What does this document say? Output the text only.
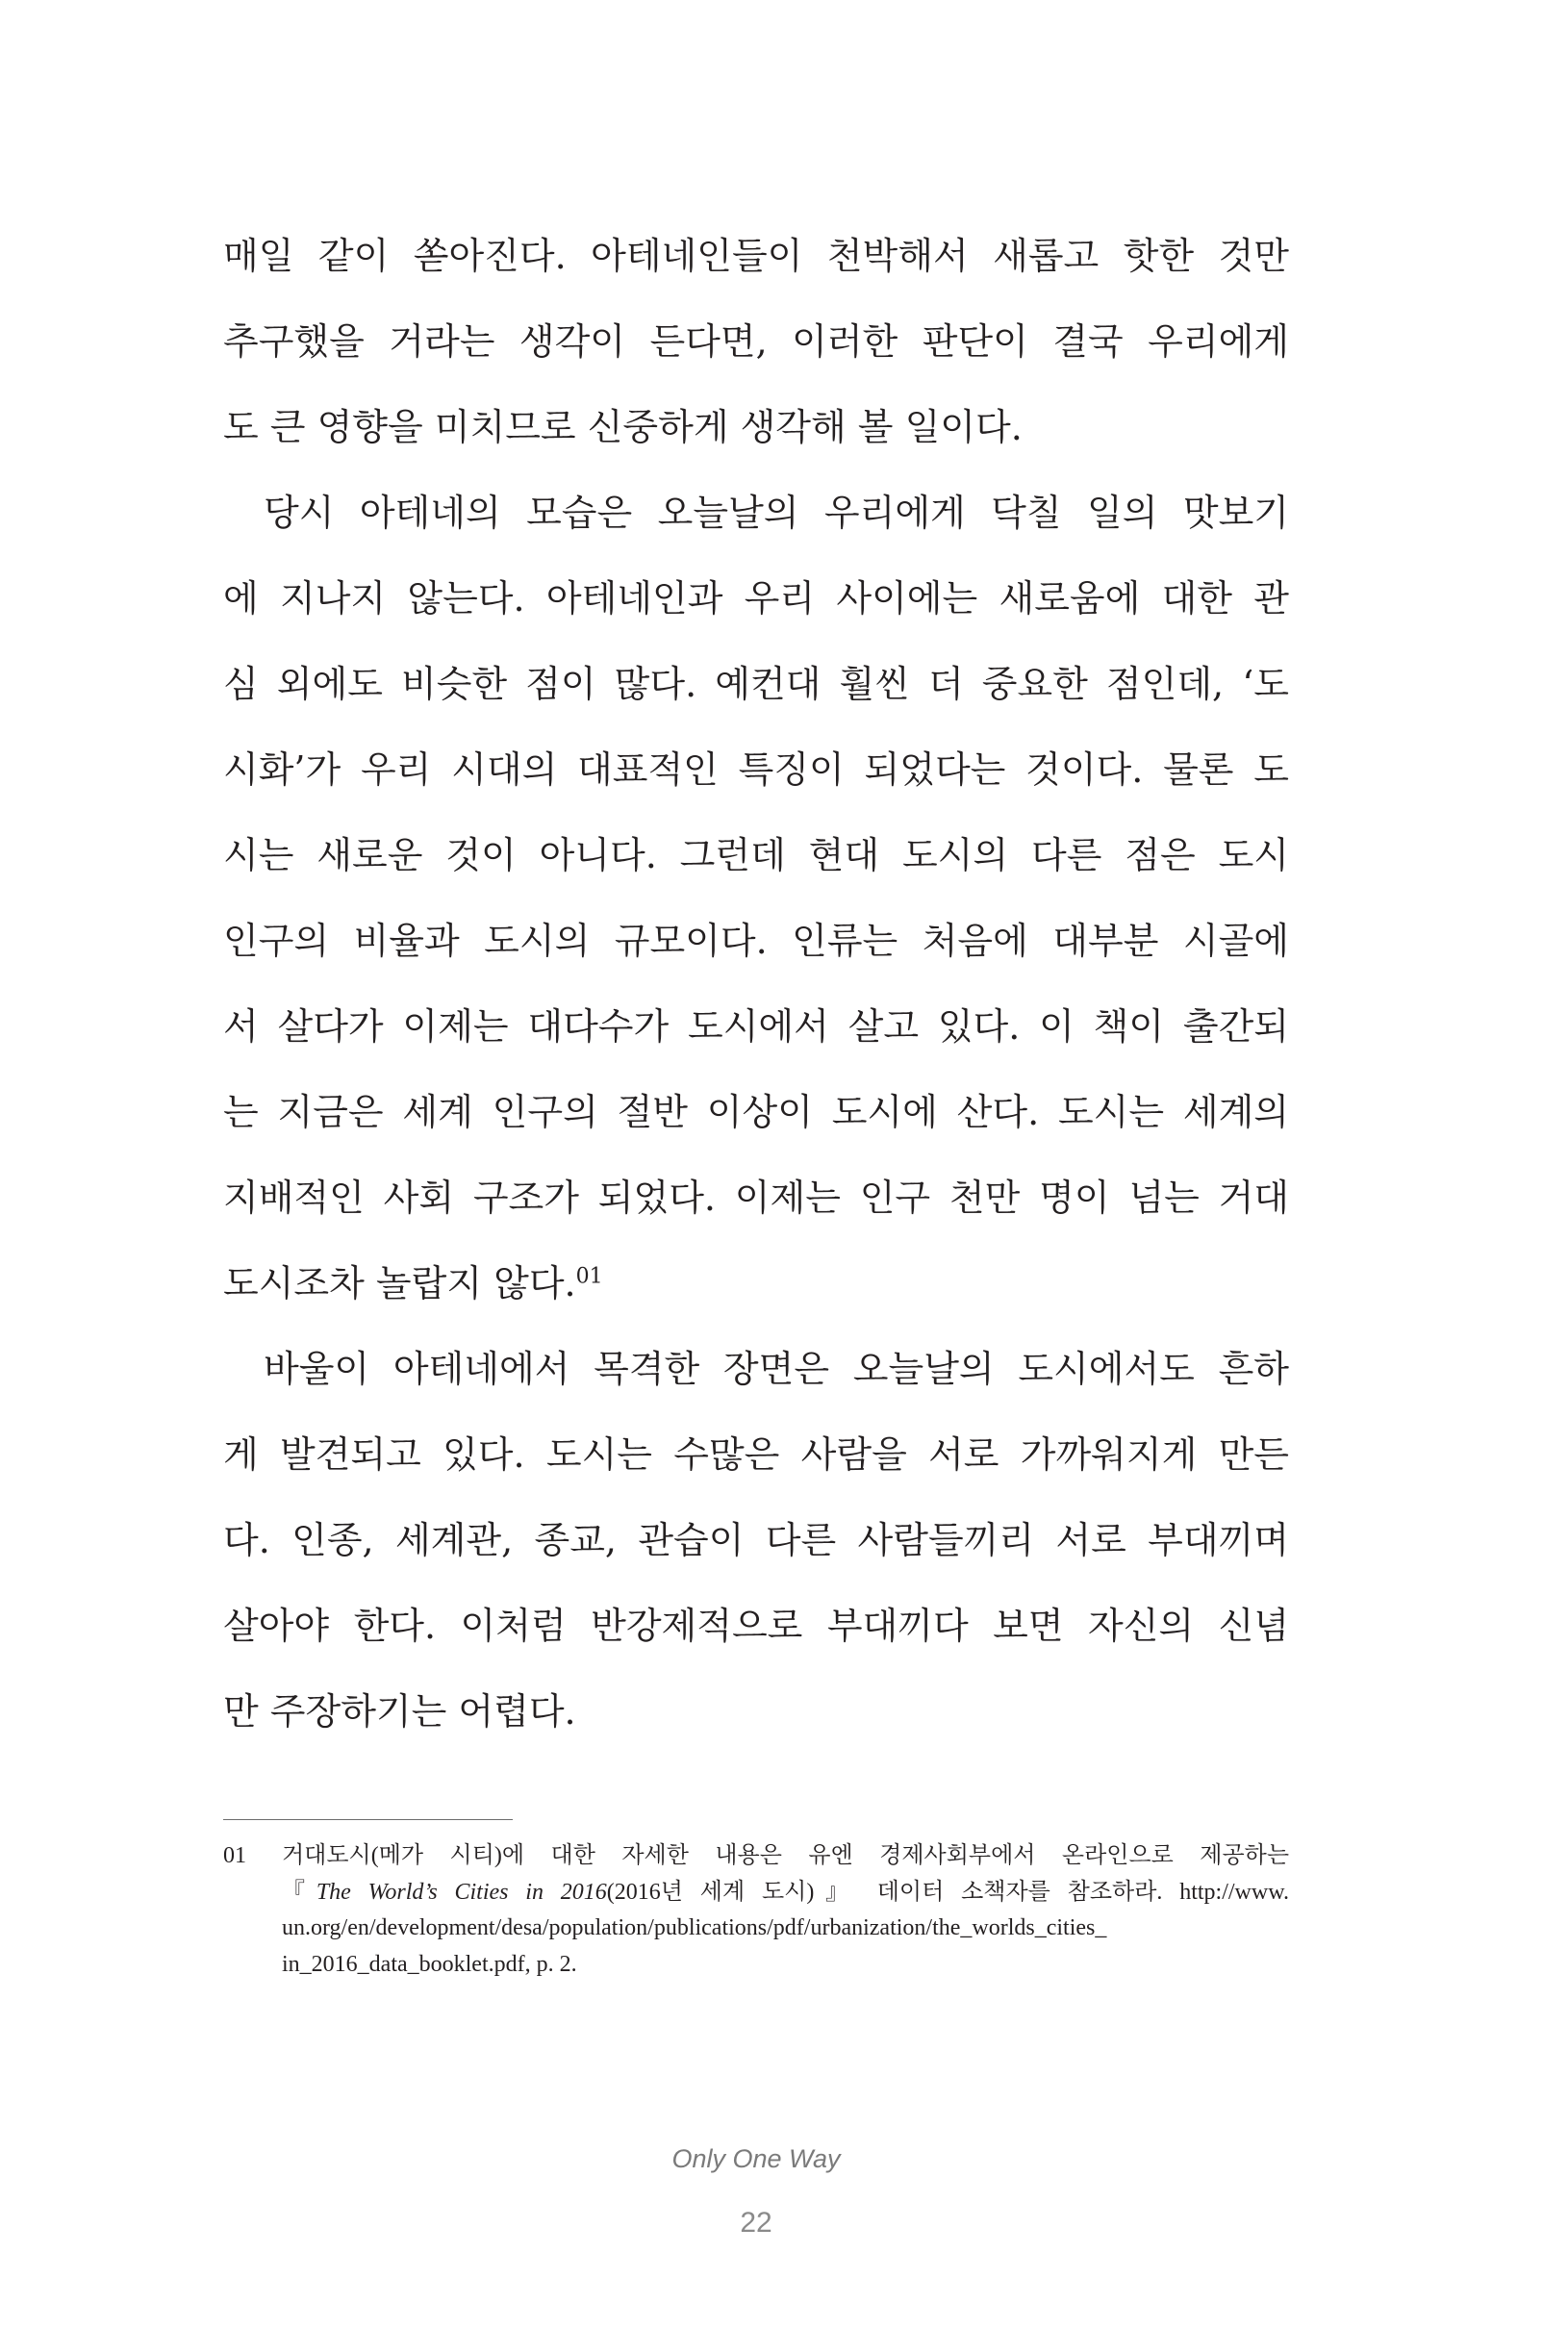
매일 같이 쏟아진다. 아테네인들이 천박해서 새롭고 핫한 것만
추구했을 거라는 생각이 든다면, 이러한 판단이 결국 우리에게
도 큰 영향을 미치므로 신중하게 생각해 볼 일이다.
당시 아테네의 모습은 오늘날의 우리에게 닥칠 일의 맛보기
에 지나지 않는다. 아테네인과 우리 사이에는 새로움에 대한 관
심 외에도 비슷한 점이 많다. 예컨대 훨씬 더 중요한 점인데, ‘도
시화’가 우리 시대의 대표적인 특징이 되었다는 것이다. 물론 도
시는 새로운 것이 아니다. 그런데 현대 도시의 다른 점은 도시
인구의 비율과 도시의 규모이다. 인류는 처음에 대부분 시골에
서 살다가 이제는 대다수가 도시에서 살고 있다. 이 책이 출간되
는 지금은 세계 인구의 절반 이상이 도시에 산다. 도시는 세계의
지배적인 사회 구조가 되었다. 이제는 인구 천만 명이 넘는 거대
도시조차 놀랍지 않다.$^{01}$
바울이 아테네에서 목격한 장면은 오늘날의 도시에서도 흔하
게 발견되고 있다. 도시는 수많은 사람을 서로 가까워지게 만든
다. 인종, 세계관, 종교, 관습이 다른 사람들끼리 서로 부대끼며
살아야 한다. 이처럼 반강제적으로 부대끼다 보면 자신의 신념
만 주장하기는 어렵다.
01 거대도시(메가 시티)에 대한 자세한 내용은 유엔 경제사회부에서 온라인으로 제공하는
『The World’s Cities in 2016(2016년 세계 도시)』 데이터 소책자를 참조하라. http://www.
un.org/en/development/desa/population/publications/pdf/urbanization/the_worlds_cities_
in_2016_data_booklet.pdf, p. 2.
Only One Way
22
